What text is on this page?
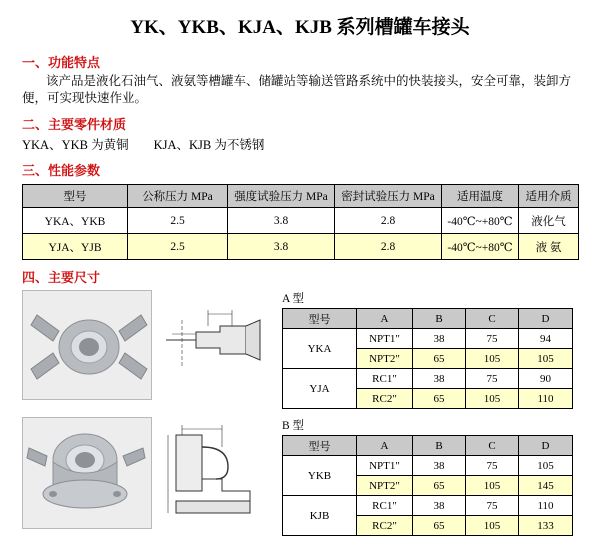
YK、YKB、KJA、KJB 系列槽罐车接头
一、功能特点
该产品是液化石油气、液氨等槽罐车、储罐站等输送管路系统中的快装接头，安全可靠，装卸方便，可实现快速作业。
二、主要零件材质
YKA、YKB 为黄铜        KJA、KJB 为不锈钢
三、性能参数
型号	公称压力 MPa	强度试验压力 MPa	密封试验压力 MPa	适用温度	适用介质
YKA、YKB	2.5	3.8	2.8	-40℃~+80℃	液化气
YJA、YJB	2.5	3.8	2.8	-40℃~+80℃	液 氨
四、主要尺寸
A 型
型号	A	B	C	D
YKA	NPT1"	38	75	94
	NPT2"	65	105	105
YJA	RC1"	38	75	90
	RC2"	65	105	110
B 型
型号	A	B	C	D
YKB	NPT1"	38	75	105
	NPT2"	65	105	145
KJB	RC1"	38	75	110
	RC2"	65	105	133
